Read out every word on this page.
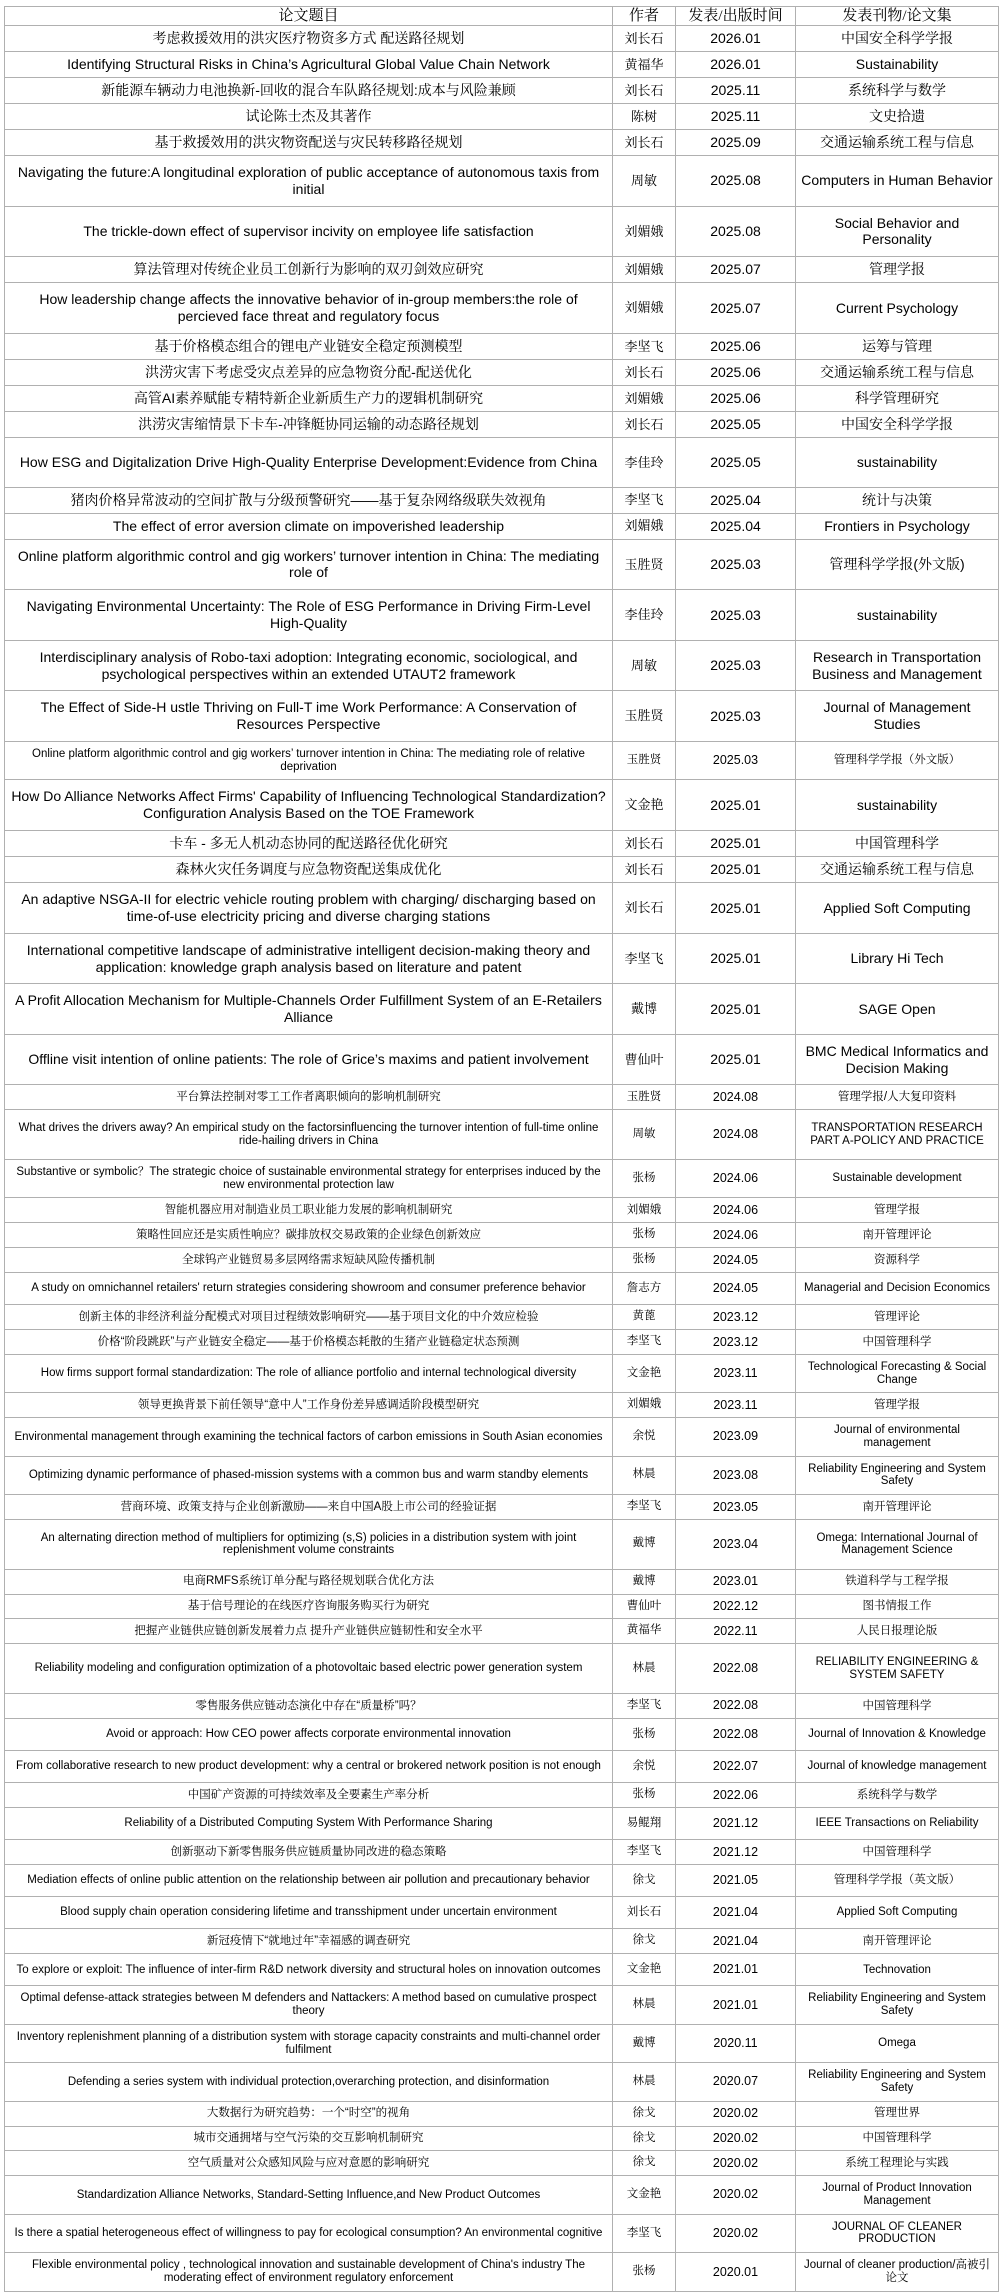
论文题目	作者	发表/出版时间	发表刊物/论文集
考虑救援效用的洪灾医疗物资多方式 配送路径规划	刘长石	2026.01	中国安全科学学报
Identifying Structural Risks in China’s Agricultural Global Value Chain Network	黄福华	2026.01	Sustainability
新能源车辆动力电池换新-回收的混合车队路径规划:成本与风险兼顾	刘长石	2025.11	系统科学与数学
试论陈士杰及其著作	陈树	2025.11	文史拾遗
基于救援效用的洪灾物资配送与灾民转移路径规划	刘长石	2025.09	交通运输系统工程与信息
Navigating the future:A longitudinal exploration of public acceptance of autonomous taxis from initial	周敏	2025.08	Computers in Human Behavior
The trickle-down effect of supervisor incivity on employee life satisfaction	刘媚娥	2025.08	Social Behavior and Personality
算法管理对传统企业员工创新行为影响的双刃剑效应研究	刘媚娥	2025.07	管理学报
How leadership change affects the innovative behavior of in-group members:the role of percieved face threat and regulatory focus	刘媚娥	2025.07	Current Psychology
基于价格模态组合的锂电产业链安全稳定预测模型	李坚飞	2025.06	运筹与管理
洪涝灾害下考虑受灾点差异的应急物资分配-配送优化	刘长石	2025.06	交通运输系统工程与信息
高管AI素养赋能专精特新企业新质生产力的逻辑机制研究	刘媚娥	2025.06	科学管理研究
洪涝灾害缩情景下卡车-冲锋艇协同运输的动态路径规划	刘长石	2025.05	中国安全科学学报
How ESG and Digitalization Drive High-Quality Enterprise Development:Evidence from China	李佳玲	2025.05	sustainability
猪肉价格异常波动的空间扩散与分级预警研究——基于复杂网络级联失效视角	李坚飞	2025.04	统计与决策
The effect of error aversion climate on impoverished leadership	刘媚娥	2025.04	Frontiers in Psychology
Online platform algorithmic control and gig workers’ turnover intention in China: The mediating role of	玉胜贤	2025.03	管理科学学报(外文版)
Navigating Environmental Uncertainty: The Role of ESG Performance in Driving Firm-Level High-Quality	李佳玲	2025.03	sustainability
Interdisciplinary analysis of Robo-taxi adoption: Integrating economic, sociological, and psychological perspectives within an extended UTAUT2 framework	周敏	2025.03	Research in Transportation Business and Management
The Effect of Side-H ustle Thriving on Full-T ime Work Performance: A Conservation of Resources Perspective	玉胜贤	2025.03	Journal of Management Studies
Online platform algorithmic control and gig workers’ turnover intention in China: The mediating role of relative deprivation	玉胜贤	2025.03	管理科学学报（外文版）
How Do Alliance Networks Affect Firms' Capability of Influencing Technological Standardization? Configuration Analysis Based on the TOE Framework	文金艳	2025.01	sustainability
卡车 - 多无人机动态协同的配送路径优化研究	刘长石	2025.01	中国管理科学
森林火灾任务调度与应急物资配送集成优化	刘长石	2025.01	交通运输系统工程与信息
An adaptive NSGA-II for electric vehicle routing problem with charging/ discharging based on time-of-use electricity pricing and diverse charging stations	刘长石	2025.01	Applied Soft Computing
International competitive landscape of administrative intelligent decision-making theory and application: knowledge graph analysis based on literature and patent	李坚飞	2025.01	Library Hi Tech
A Profit Allocation Mechanism for Multiple-Channels Order Fulfillment System of an E-Retailers Alliance	戴博	2025.01	SAGE Open
Offline visit intention of online patients: The role of Grice’s maxims and patient involvement	曹仙叶	2025.01	BMC Medical Informatics and Decision Making
平台算法控制对零工工作者离职倾向的影响机制研究	玉胜贤	2024.08	管理学报/人大复印资料
What drives the drivers away? An empirical study on the factorsinfluencing the turnover intention of full-time online ride-hailing drivers in China	周敏	2024.08	TRANSPORTATION RESEARCH PART A-POLICY AND PRACTICE
Substantive or symbolic？The strategic choice of sustainable environmental strategy for enterprises induced by the new environmental protection law	张杨	2024.06	Sustainable development
智能机器应用对制造业员工职业能力发展的影响机制研究	刘媚娥	2024.06	管理学报
策略性回应还是实质性响应？碳排放权交易政策的企业绿色创新效应	张杨	2024.06	南开管理评论
全球钨产业链贸易多层网络需求短缺风险传播机制	张杨	2024.05	资源科学
A study on omnichannel retailers' return strategies considering showroom and consumer preference behavior	詹志方	2024.05	Managerial and Decision Economics
创新主体的非经济利益分配模式对项目过程绩效影响研究——基于项目文化的中介效应检验	黄蓖	2023.12	管理评论
价格“阶段跳跃”与产业链安全稳定——基于价格模态耗散的生猪产业链稳定状态预测	李坚飞	2023.12	中国管理科学
How firms support formal standardization: The role of alliance portfolio and internal technological diversity	文金艳	2023.11	Technological Forecasting & Social Change
领导更换背景下前任领导“意中人”工作身份差异感调适阶段模型研究	刘媚娥	2023.11	管理学报
Environmental management through examining the technical factors of carbon emissions in South Asian economies	余悦	2023.09	Journal of environmental management
Optimizing dynamic performance of phased-mission systems with a common bus and warm standby elements	林晨	2023.08	Reliability Engineering and System Safety
营商环境、政策支持与企业创新激励——来自中国A股上市公司的经验证据	李坚飞	2023.05	南开管理评论
An alternating direction method of multipliers for optimizing (s,S) policies in a distribution system with joint replenishment volume constraints	戴博	2023.04	Omega: International Journal of Management Science
电商RMFS系统订单分配与路径规划联合优化方法	戴博	2023.01	铁道科学与工程学报
基于信号理论的在线医疗咨询服务购买行为研究	曹仙叶	2022.12	图书情报工作
把握产业链供应链创新发展着力点 提升产业链供应链韧性和安全水平	黄福华	2022.11	人民日报理论版
Reliability modeling and configuration optimization of a photovoltaic based electric power generation system	林晨	2022.08	RELIABILITY ENGINEERING & SYSTEM SAFETY
零售服务供应链动态演化中存在“质量桥”吗？	李坚飞	2022.08	中国管理科学
Avoid or approach: How CEO power affects corporate environmental innovation	张杨	2022.08	Journal of Innovation & Knowledge
From collaborative research to new product development: why a central or brokered network position is not enough	余悦	2022.07	Journal of knowledge management
中国矿产资源的可持续效率及全要素生产率分析	张杨	2022.06	系统科学与数学
Reliability of a Distributed Computing System With Performance Sharing	易鲲翔	2021.12	IEEE Transactions on Reliability
创新驱动下新零售服务供应链质量协同改进的稳态策略	李坚飞	2021.12	中国管理科学
Mediation effects of online public attention on the relationship between air pollution and precautionary behavior	徐戈	2021.05	管理科学学报（英文版）
Blood supply chain operation considering lifetime and transshipment under uncertain environment	刘长石	2021.04	Applied Soft Computing
新冠疫情下“就地过年”幸福感的调查研究	徐戈	2021.04	南开管理评论
To explore or exploit: The influence of inter-firm R&D network diversity and structural holes on innovation outcomes	文金艳	2021.01	Technovation
Optimal defense-attack strategies between M defenders and Nattackers: A method based on cumulative prospect theory	林晨	2021.01	Reliability Engineering and System Safety
Inventory replenishment planning of a distribution system with storage capacity constraints and multi-channel order fulfilment	戴博	2020.11	Omega
Defending a series system with individual protection,overarching protection, and disinformation	林晨	2020.07	Reliability Engineering and System Safety
大数据行为研究趋势：一个“时空”的视角	徐戈	2020.02	管理世界
城市交通拥堵与空气污染的交互影响机制研究	徐戈	2020.02	中国管理科学
空气质量对公众感知风险与应对意愿的影响研究	徐戈	2020.02	系统工程理论与实践
Standardization Alliance Networks, Standard-Setting Influence,and New Product Outcomes	文金艳	2020.02	Journal of Product Innovation Management
Is there a spatial heterogeneous effect of willingness to pay for ecological consumption? An environmental cognitive	李坚飞	2020.02	JOURNAL OF CLEANER PRODUCTION
Flexible environmental policy , technological innovation and sustainable development of China's industry The moderating effect of environment regulatory enforcement	张杨	2020.01	Journal of cleaner production/高被引论文
